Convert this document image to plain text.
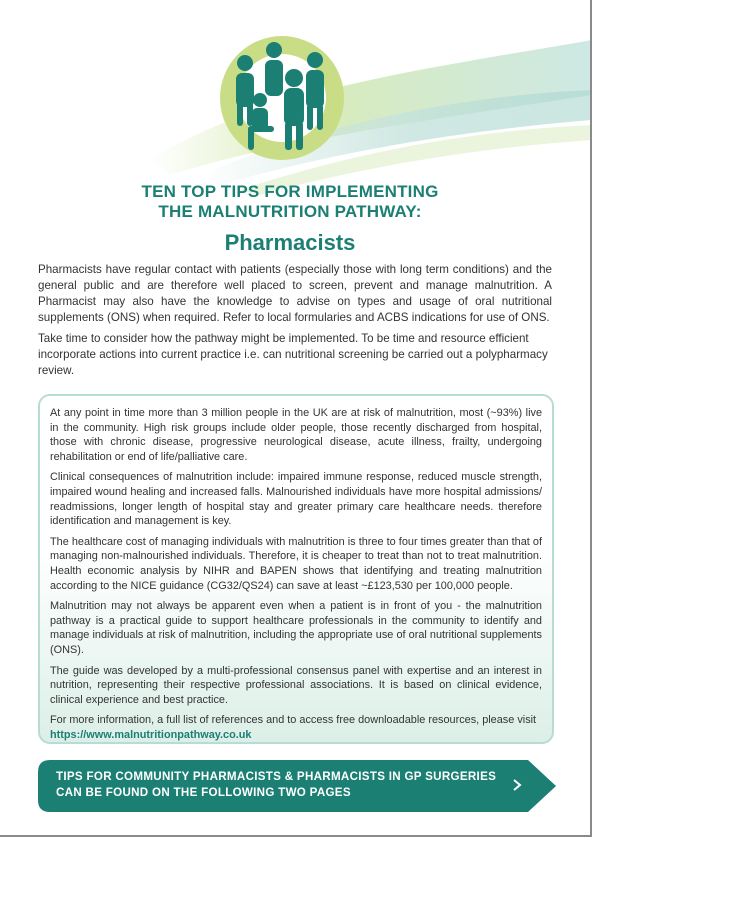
TEN TOP TIPS FOR IMPLEMENTING
THE MALNUTRITION PATHWAY:
Pharmacists

Pharmacists have regular contact with patients (especially those with long term conditions) and the general public and are therefore well placed to screen, prevent and manage malnutrition. A Pharmacist may also have the knowledge to advise on types and usage of oral nutritional supplements (ONS) when required. Refer to local formularies and ACBS indications for use of ONS.

Take time to consider how the pathway might be implemented. To be time and resource efficient incorporate actions into current practice i.e. can nutritional screening be carried out a polypharmacy review.

At any point in time more than 3 million people in the UK are at risk of malnutrition, most (~93%) live in the community. High risk groups include older people, those recently discharged from hospital, those with chronic disease, progressive neurological disease, acute illness, frailty, undergoing rehabilitation or end of life/palliative care.

Clinical consequences of malnutrition include: impaired immune response, reduced muscle strength, impaired wound healing and increased falls. Malnourished individuals have more hospital admissions/ readmissions, longer length of hospital stay and greater primary care healthcare needs. therefore identification and management is key.

The healthcare cost of managing individuals with malnutrition is three to four times greater than that of managing non-malnourished individuals. Therefore, it is cheaper to treat than not to treat malnutrition. Health economic analysis by NIHR and BAPEN shows that identifying and treating malnutrition according to the NICE guidance (CG32/QS24) can save at least ~£123,530 per 100,000 people.

Malnutrition may not always be apparent even when a patient is in front of you - the malnutrition pathway is a practical guide to support healthcare professionals in the community to identify and manage individuals at risk of malnutrition, including the appropriate use of oral nutritional supplements (ONS).

The guide was developed by a multi-professional consensus panel with expertise and an interest in nutrition, representing their respective professional associations. It is based on clinical evidence, clinical experience and best practice.

For more information, a full list of references and to access free downloadable resources, please visit
https://www.malnutritionpathway.co.uk

TIPS FOR COMMUNITY PHARMACISTS & PHARMACISTS IN GP SURGERIES
CAN BE FOUND ON THE FOLLOWING TWO PAGES
